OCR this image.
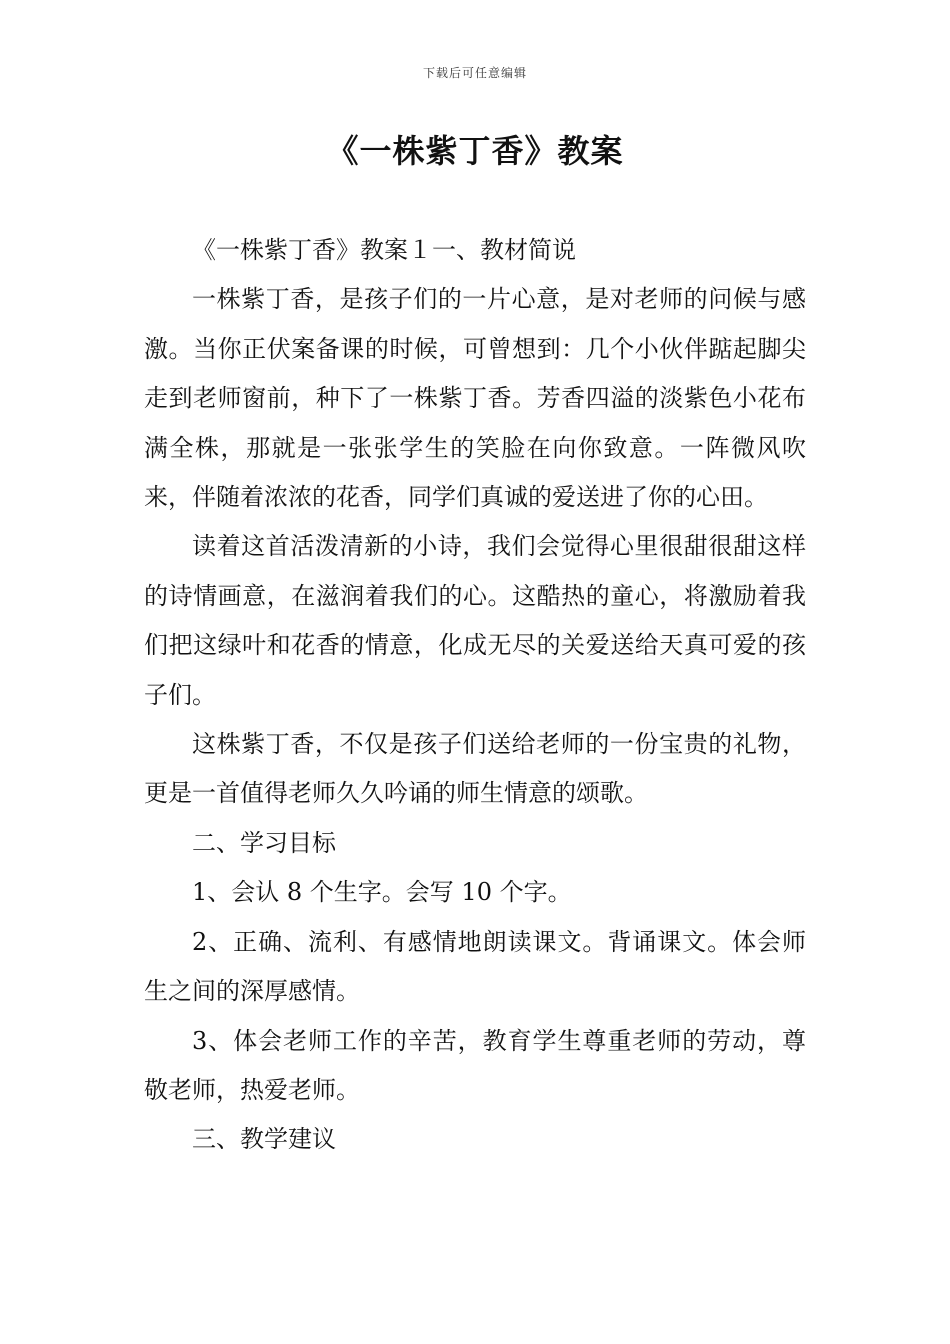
下载后可任意编辑
《一株紫丁香》教案

《一株紫丁香》教案１一、教材简说

一株紫丁香，是孩子们的一片心意，是对老师的问候与感激。当你正伏案备课的时候，可曾想到：几个小伙伴踮起脚尖走到老师窗前，种下了一株紫丁香。芳香四溢的淡紫色小花布满全株，那就是一张张学生的笑脸在向你致意。一阵微风吹来，伴随着浓浓的花香，同学们真诚的爱送进了你的心田。

读着这首活泼清新的小诗，我们会觉得心里很甜很甜这样的诗情画意，在滋润着我们的心。这酷热的童心，将激励着我们把这绿叶和花香的情意，化成无尽的关爱送给天真可爱的孩子们。

这株紫丁香，不仅是孩子们送给老师的一份宝贵的礼物，更是一首值得老师久久吟诵的师生情意的颂歌。

二、学习目标

1、会认 8 个生字。会写 10 个字。

2、正确、流利、有感情地朗读课文。背诵课文。体会师生之间的深厚感情。

3、体会老师工作的辛苦，教育学生尊重老师的劳动，尊敬老师，热爱老师。

三、教学建议
